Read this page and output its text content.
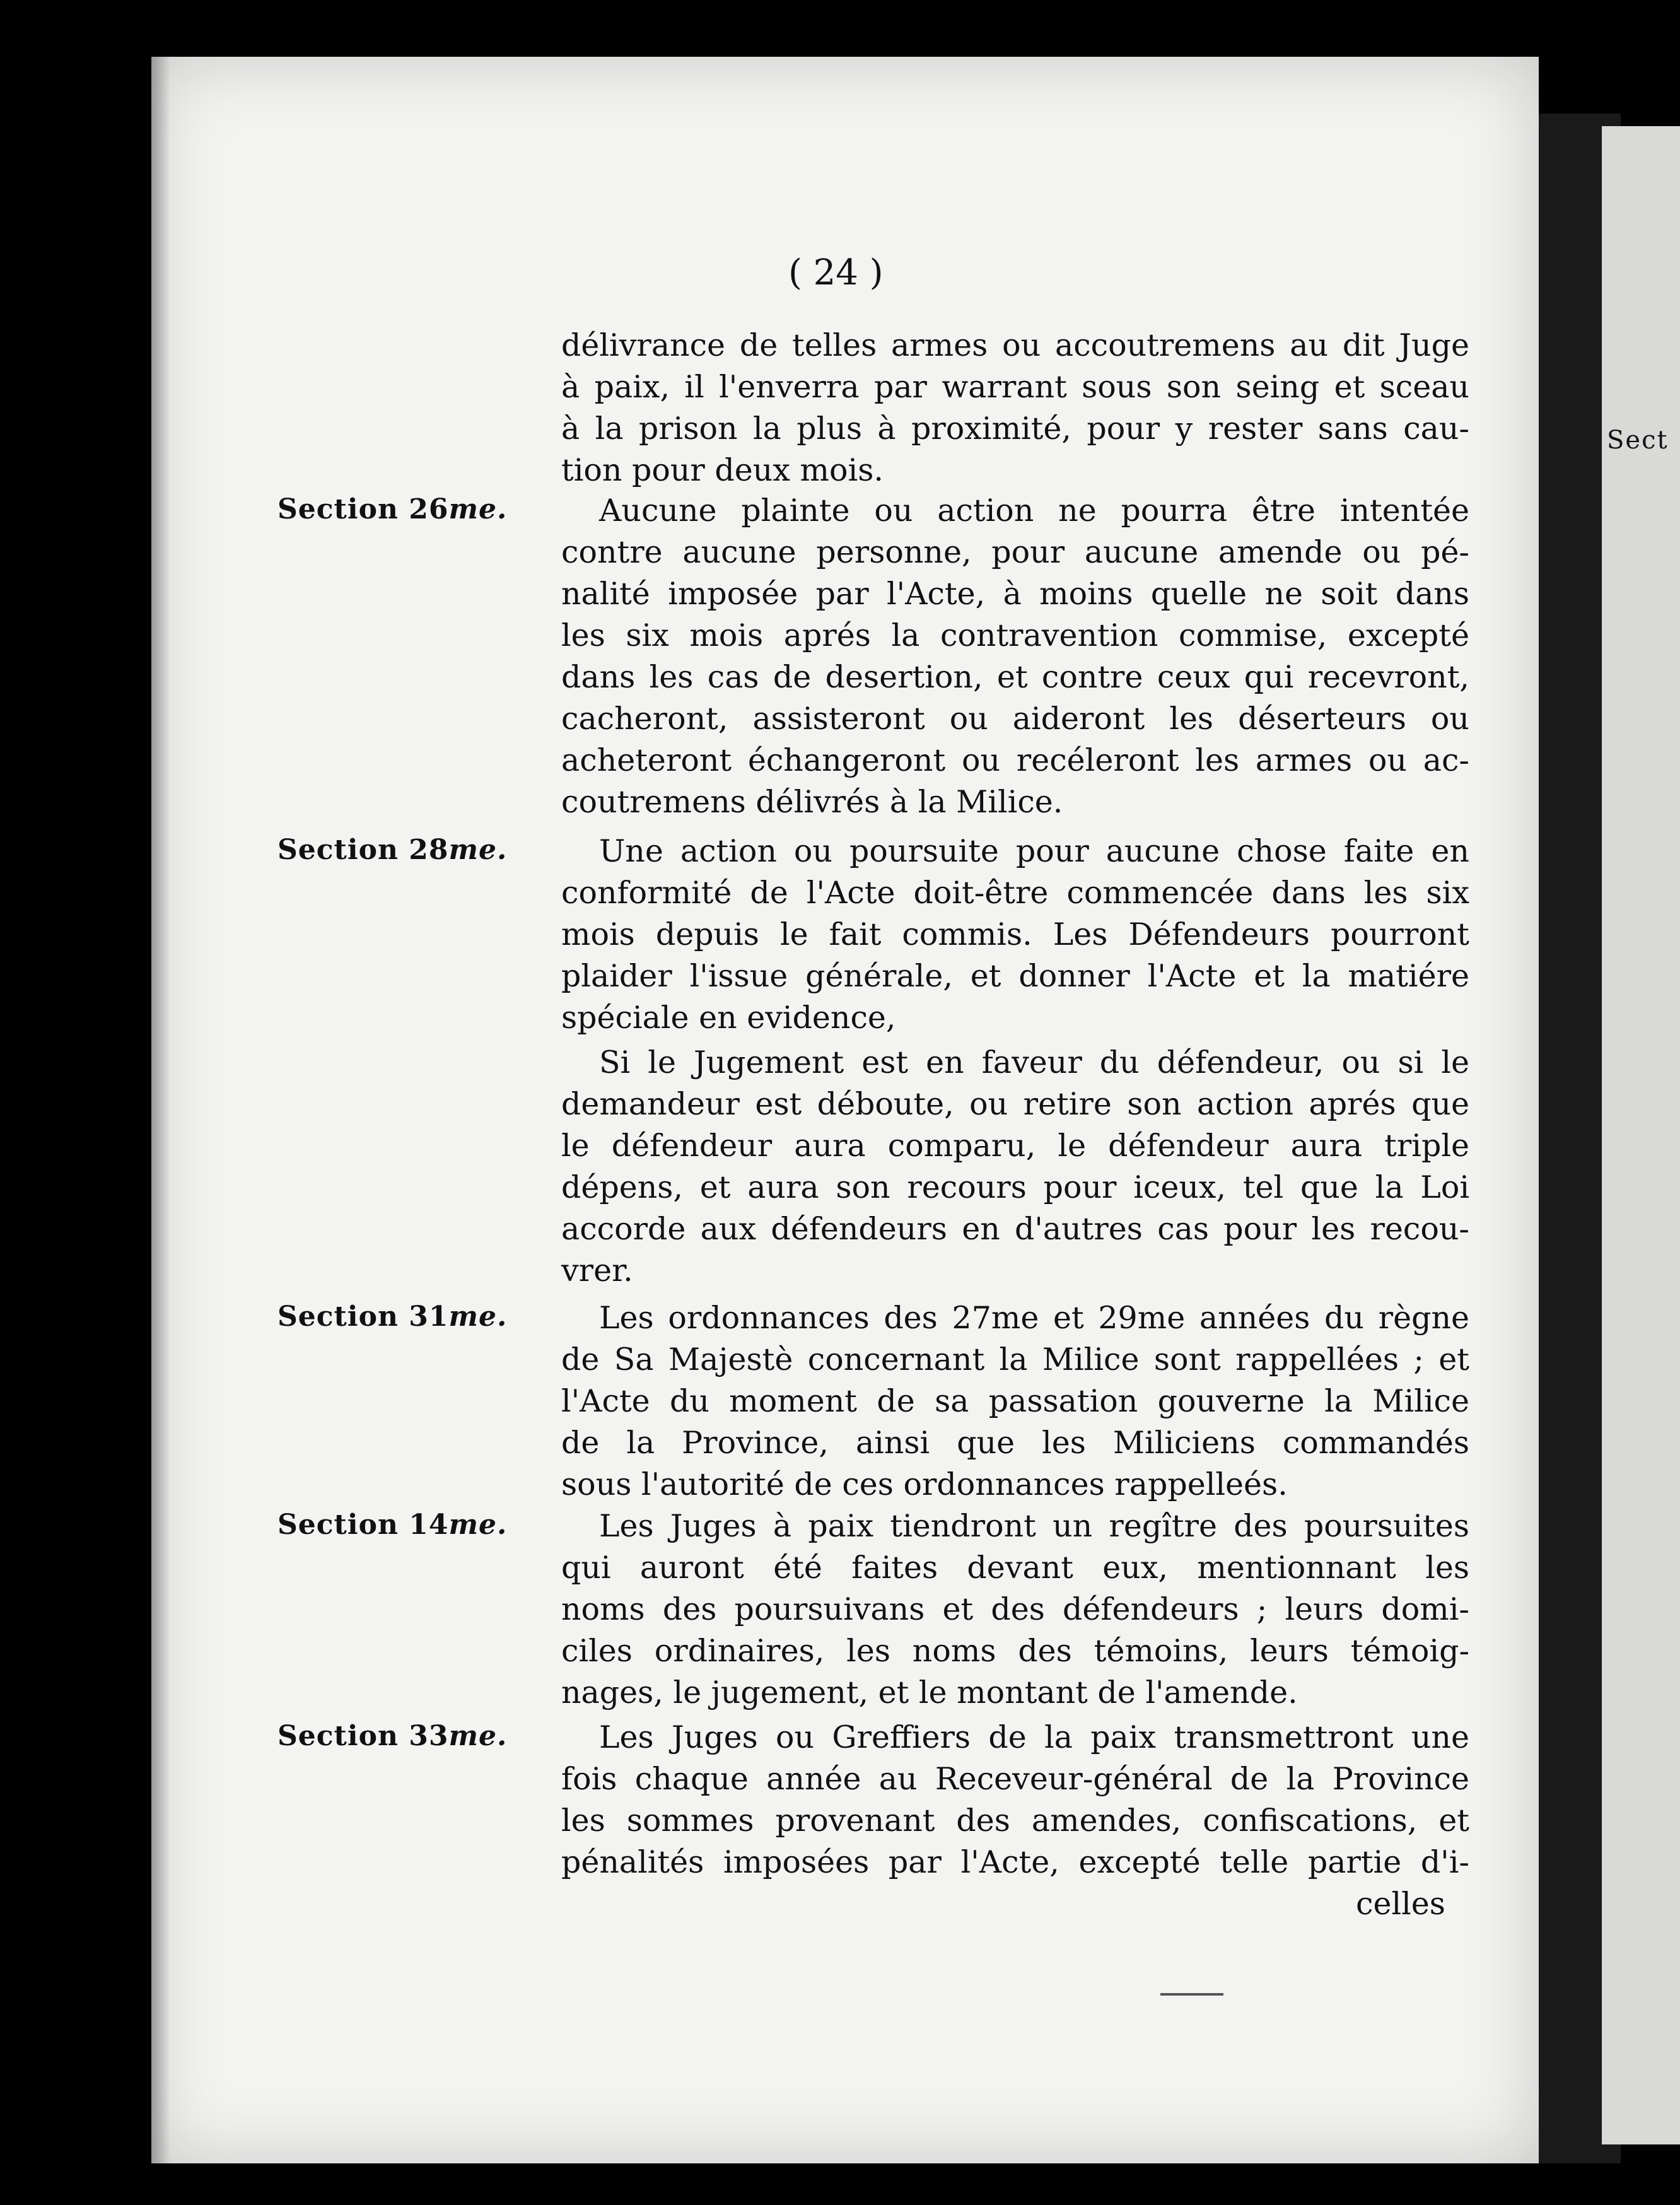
Sect
( 24 )
Section 26me.
Section 28me.
Section 31me.
Section 14me.
Section 33me.
délivrance de telles armes ou accoutremens au dit Juge
à paix, il l'enverra par warrant sous son seing et sceau
à la prison la plus à proximité, pour y rester sans cau-
tion pour deux mois.
Aucune plainte ou action ne pourra être intentée
contre aucune personne, pour aucune amende ou pé-
nalité imposée par l'Acte, à moins quelle ne soit dans
les six mois aprés la contravention commise, excepté
dans les cas de desertion, et contre ceux qui recevront,
cacheront, assisteront ou aideront les déserteurs ou
acheteront échangeront ou recéleront les armes ou ac-
coutremens délivrés à la Milice.
Une action ou poursuite pour aucune chose faite en
conformité de l'Acte doit-être commencée dans les six
mois depuis le fait commis. Les Défendeurs pourront
plaider l'issue générale, et donner l'Acte et la matiére
spéciale en evidence,
Si le Jugement est en faveur du défendeur, ou si le
demandeur est déboute, ou retire son action aprés que
le défendeur aura comparu, le défendeur aura triple
dépens, et aura son recours pour iceux, tel que la Loi
accorde aux défendeurs en d'autres cas pour les recou-
vrer.
Les ordonnances des 27me et 29me années du règne
de Sa Majestè concernant la Milice sont rappellées ; et
l'Acte du moment de sa passation gouverne la Milice
de la Province, ainsi que les Miliciens commandés
sous l'autorité de ces ordonnances rappelleés.
Les Juges à paix tiendront un regître des poursuites
qui auront été faites devant eux, mentionnant les
noms des poursuivans et des défendeurs ; leurs domi-
ciles ordinaires, les noms des témoins, leurs témoig-
nages, le jugement, et le montant de l'amende.
Les Juges ou Greffiers de la paix transmettront une
fois chaque année au Receveur-général de la Province
les sommes provenant des amendes, confiscations, et
pénalités imposées par l'Acte, excepté telle partie d'i-
celles
